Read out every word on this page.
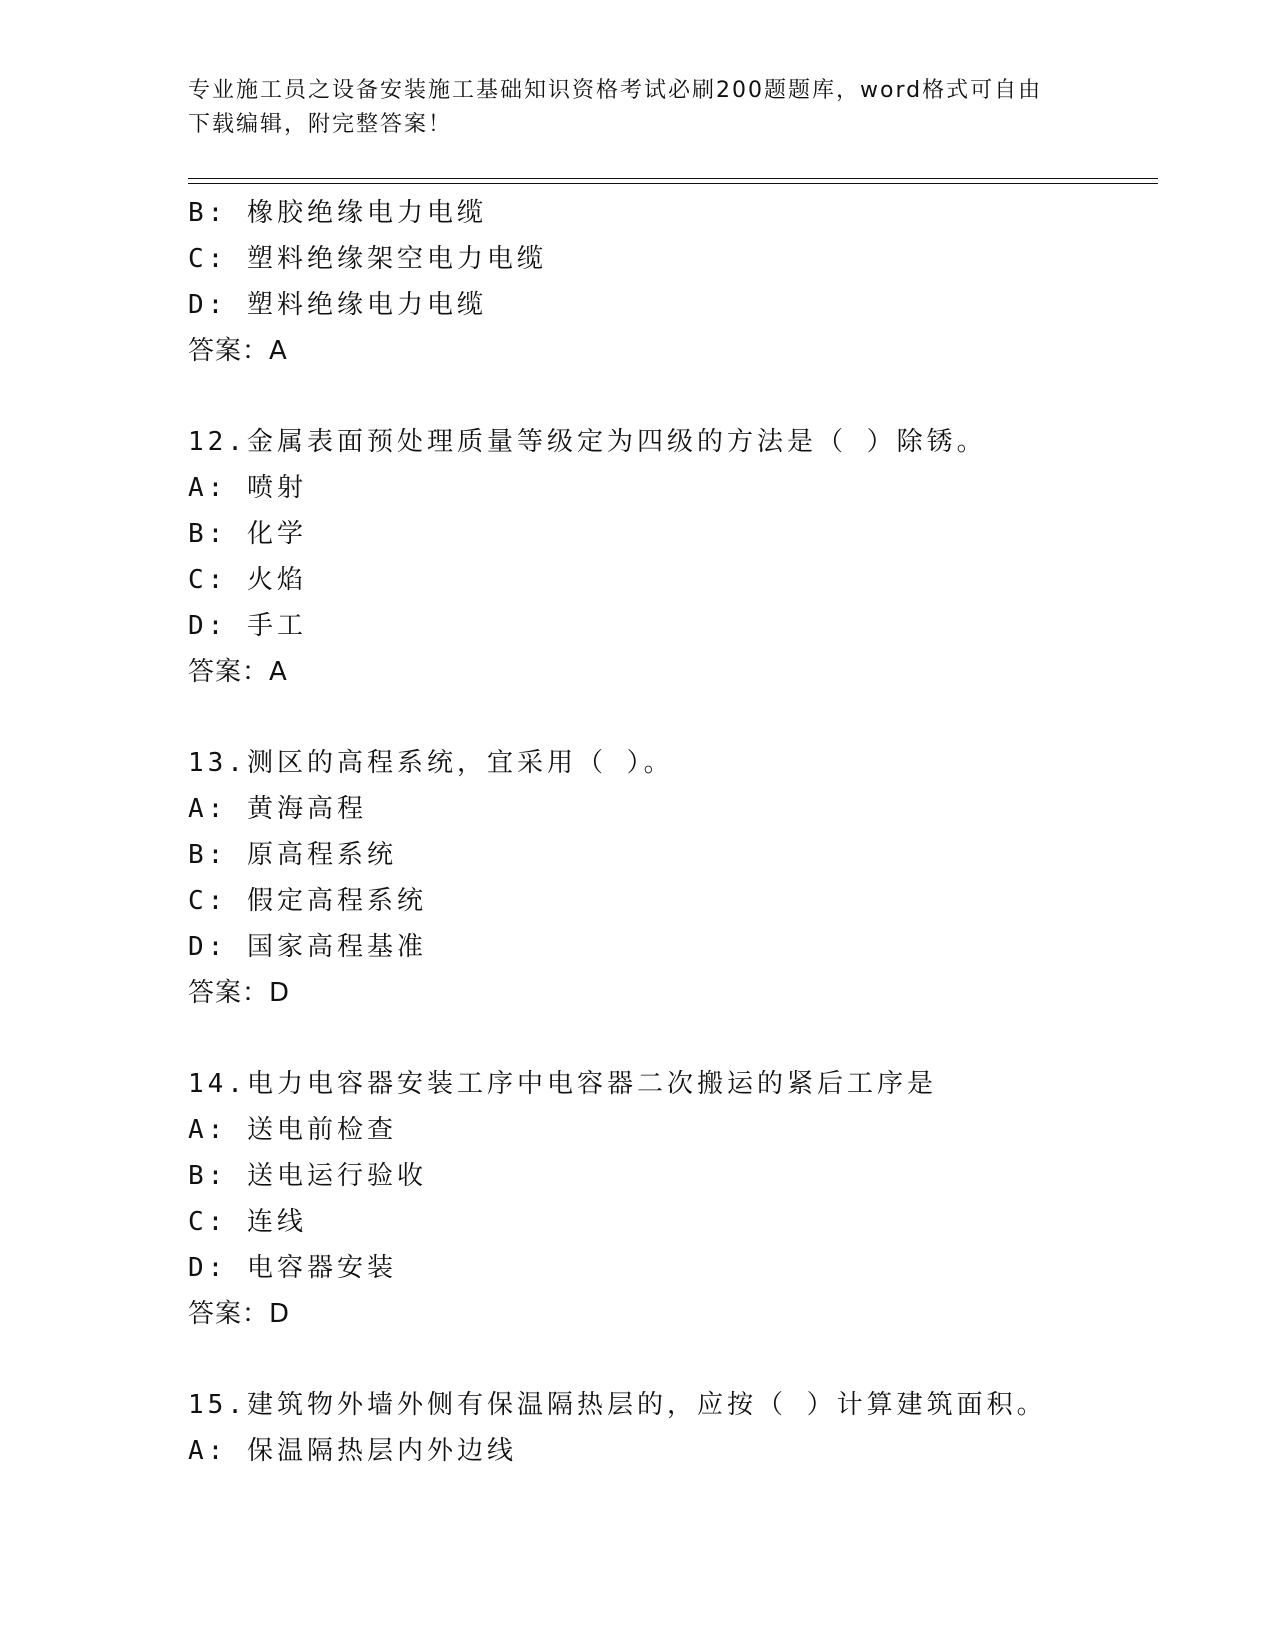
专业施工员之设备安装施工基础知识资格考试必刷200题题库，word格式可自由
下载编辑，附完整答案！
B: 橡胶绝缘电力电缆
C: 塑料绝缘架空电力电缆
D: 塑料绝缘电力电缆
答案：A
12.金属表面预处理质量等级定为四级的方法是（ ）除锈。
A: 喷射
B: 化学
C: 火焰
D: 手工
答案：A
13.测区的高程系统，宜采用（ ）。
A: 黄海高程
B: 原高程系统
C: 假定高程系统
D: 国家高程基准
答案：D
14.电力电容器安装工序中电容器二次搬运的紧后工序是
A: 送电前检查
B: 送电运行验收
C: 连线
D: 电容器安装
答案：D
15.建筑物外墙外侧有保温隔热层的，应按（ ）计算建筑面积。
A: 保温隔热层内外边线
